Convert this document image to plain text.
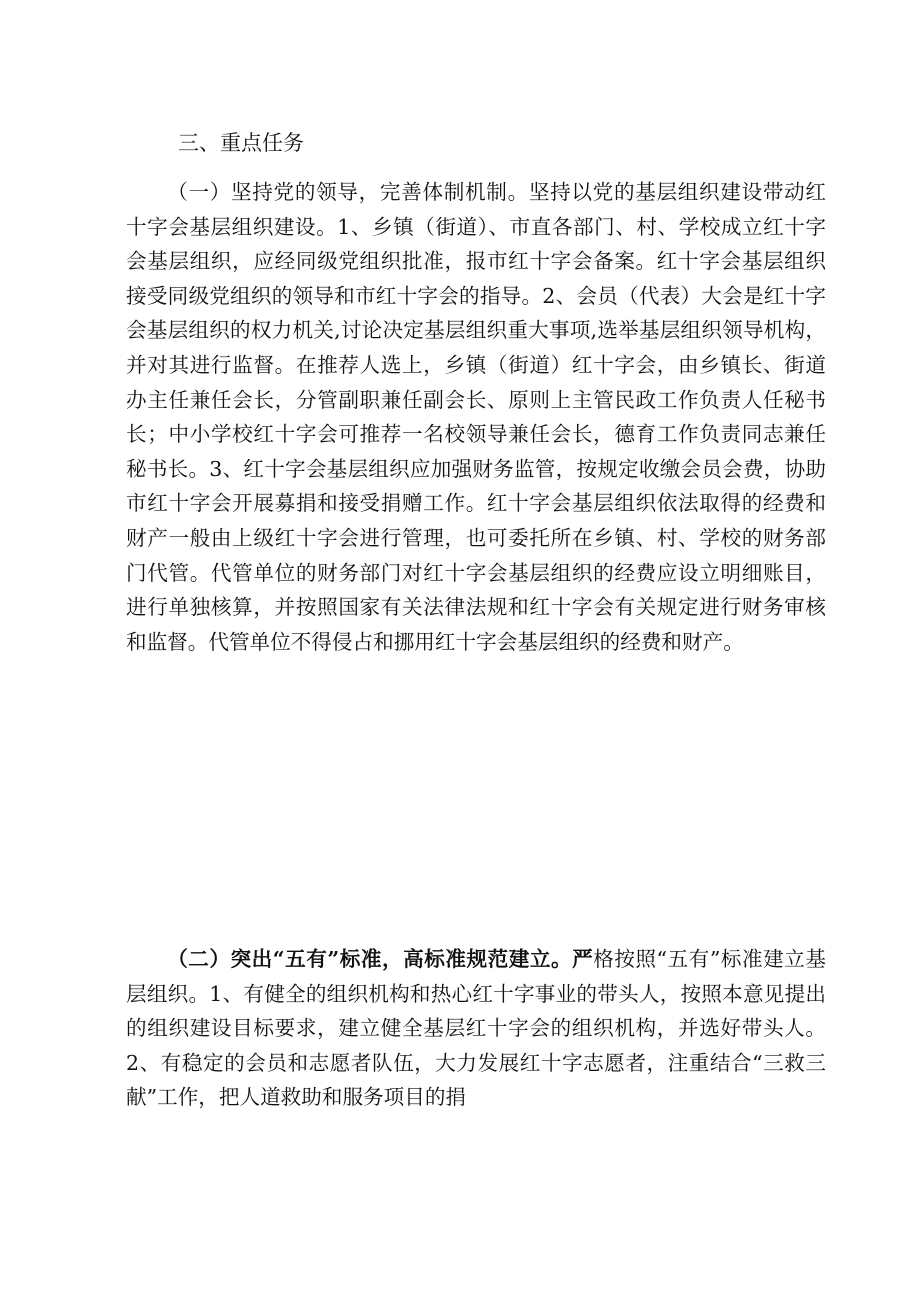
三、重点任务

（一）坚持党的领导，完善体制机制。坚持以党的基层组织建设带动红十字会基层组织建设。1、乡镇（街道）、市直各部门、村、学校成立红十字会基层组织，应经同级党组织批准，报市红十字会备案。红十字会基层组织接受同级党组织的领导和市红十字会的指导。2、会员（代表）大会是红十字会基层组织的权力机关,讨论决定基层组织重大事项,选举基层组织领导机构，并对其进行监督。在推荐人选上，乡镇（街道）红十字会，由乡镇长、街道办主任兼任会长，分管副职兼任副会长、原则上主管民政工作负责人任秘书长；中小学校红十字会可推荐一名校领导兼任会长，德育工作负责同志兼任秘书长。3、红十字会基层组织应加强财务监管，按规定收缴会员会费，协助市红十字会开展募捐和接受捐赠工作。红十字会基层组织依法取得的经费和财产一般由上级红十字会进行管理，也可委托所在乡镇、村、学校的财务部门代管。代管单位的财务部门对红十字会基层组织的经费应设立明细账目，进行单独核算，并按照国家有关法律法规和红十字会有关规定进行财务审核和监督。代管单位不得侵占和挪用红十字会基层组织的经费和财产。

（二）突出“五有”标准，高标准规范建立。严格按照“五有”标准建立基层组织。1、有健全的组织机构和热心红十字事业的带头人，按照本意见提出的组织建设目标要求，建立健全基层红十字会的组织机构，并选好带头人。2、有稳定的会员和志愿者队伍，大力发展红十字志愿者，注重结合“三救三献”工作，把人道救助和服务项目的捐
